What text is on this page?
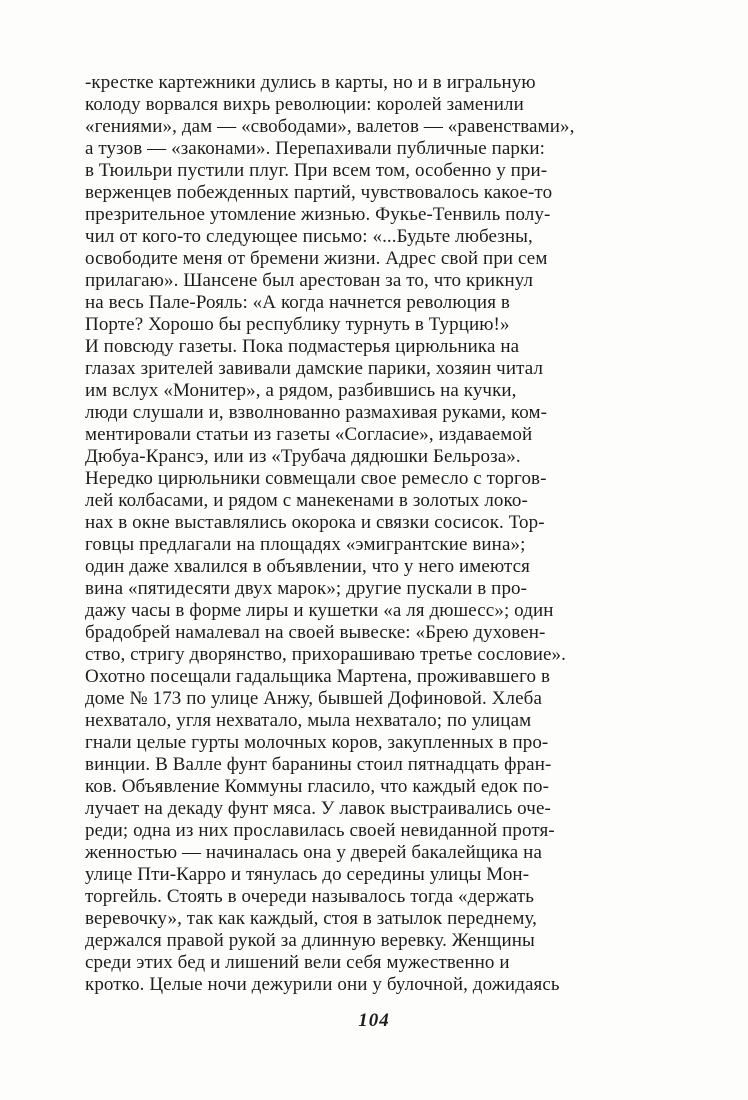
-крестке картежники дулись в карты, но и в игральную
колоду ворвался вихрь революции: королей заменили
«гениями», дам — «свободами», валетов — «равенствами»,
а тузов — «законами». Перепахивали публичные парки:
в Тюильри пустили плуг. При всем том, особенно у при-
верженцев побежденных партий, чувствовалось какое-то
презрительное утомление жизнью. Фукье-Тенвиль полу-
чил от кого-то следующее письмо: «...Будьте любезны,
освободите меня от бремени жизни. Адрес свой при сем
прилагаю». Шансене был арестован за то, что крикнул
на весь Пале-Рояль: «А когда начнется революция в
Порте? Хорошо бы республику турнуть в Турцию!»
И повсюду газеты. Пока подмастерья цирюльника на
глазах зрителей завивали дамские парики, хозяин читал
им вслух «Монитер», а рядом, разбившись на кучки,
люди слушали и, взволнованно размахивая руками, ком-
ментировали статьи из газеты «Согласие», издаваемой
Дюбуа-Крансэ, или из «Трубача дядюшки Бельроза».
Нередко цирюльники совмещали свое ремесло с торгов-
лей колбасами, и рядом с манекенами в золотых локо-
нах в окне выставлялись окорока и связки сосисок. Тор-
говцы предлагали на площадях «эмигрантские вина»;
один даже хвалился в объявлении, что у него имеются
вина «пятидесяти двух марок»; другие пускали в про-
дажу часы в форме лиры и кушетки «а ля дюшесс»; один
брадобрей намалевал на своей вывеске: «Брею духовен-
ство, стригу дворянство, прихорашиваю третье сословие».
Охотно посещали гадальщика Мартена, проживавшего в
доме № 173 по улице Анжу, бывшей Дофиновой. Хлеба
нехватало, угля нехватало, мыла нехватало; по улицам
гнали целые гурты молочных коров, закупленных в про-
винции. В Валле фунт баранины стоил пятнадцать фран-
ков. Объявление Коммуны гласило, что каждый едок по-
лучает на декаду фунт мяса. У лавок выстраивались оче-
реди; одна из них прославилась своей невиданной протя-
женностью — начиналась она у дверей бакалейщика на
улице Пти-Карро и тянулась до середины улицы Мон-
торгейль. Стоять в очереди называлось тогда «держать
веревочку», так как каждый, стоя в затылок переднему,
держался правой рукой за длинную веревку. Женщины
среди этих бед и лишений вели себя мужественно и
кротко. Целые ночи дежурили они у булочной, дожидаясь
104
